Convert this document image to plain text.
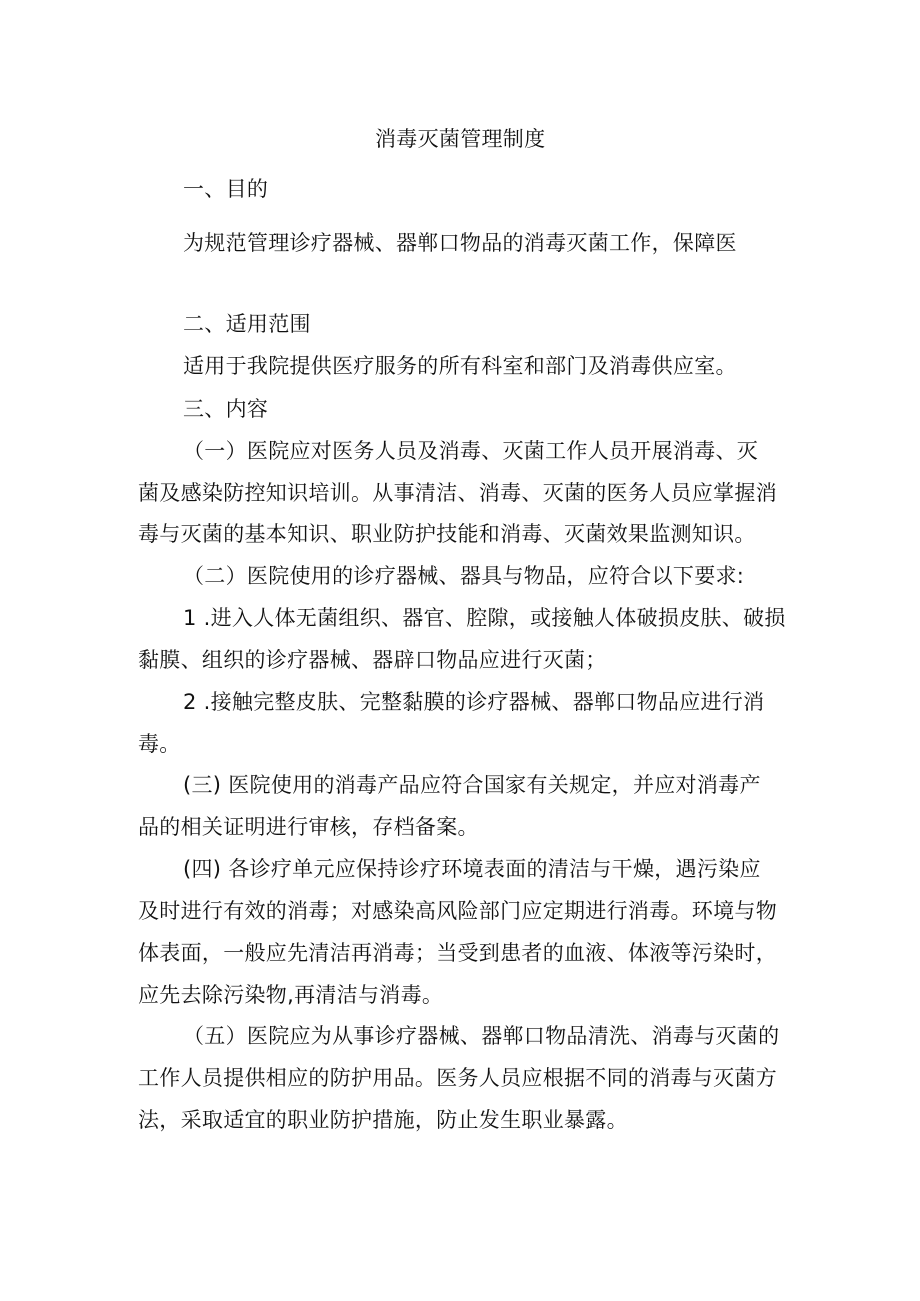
消毒灭菌管理制度
一、目的
为规范管理诊疗器械、器郸口物品的消毒灭菌工作，保障医
二、适用范围
适用于我院提供医疗服务的所有科室和部门及消毒供应室。
三、内容
（一）医院应对医务人员及消毒、灭菌工作人员开展消毒、灭
菌及感染防控知识培训。从事清洁、消毒、灭菌的医务人员应掌握消
毒与灭菌的基本知识、职业防护技能和消毒、灭菌效果监测知识。
（二）医院使用的诊疗器械、器具与物品，应符合以下要求:
1 .进入人体无菌组织、器官、腔隙，或接触人体破损皮肤、破损
黏膜、组织的诊疗器械、器辟口物品应进行灭菌；
2 .接触完整皮肤、完整黏膜的诊疗器械、器郸口物品应进行消
毒。
(三) 医院使用的消毒产品应符合国家有关规定，并应对消毒产
品的相关证明进行审核，存档备案。
(四) 各诊疗单元应保持诊疗环境表面的清洁与干燥，遇污染应
及时进行有效的消毒；对感染高风险部门应定期进行消毒。环境与物
体表面，一般应先清洁再消毒；当受到患者的血液、体液等污染时，
应先去除污染物,再清洁与消毒。
（五）医院应为从事诊疗器械、器郸口物品清洗、消毒与灭菌的
工作人员提供相应的防护用品。医务人员应根据不同的消毒与灭菌方
法，采取适宜的职业防护措施，防止发生职业暴露。
